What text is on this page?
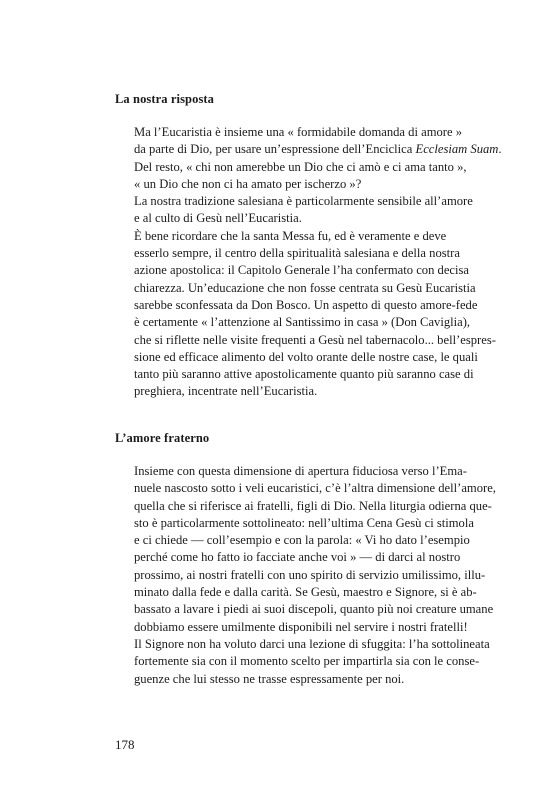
La nostra risposta

Ma l’Eucaristia è insieme una « formidabile domanda di amore »
da parte di Dio, per usare un’espressione dell’Enciclica Ecclesiam Suam.
Del resto, « chi non amerebbe un Dio che ci amò e ci ama tanto »,
« un Dio che non ci ha amato per ischerzo »?

La nostra tradizione salesiana è particolarmente sensibile all’amore
e al culto di Gesù nell’Eucaristia.

È bene ricordare che la santa Messa fu, ed è veramente e deve
esserlo sempre, il centro della spiritualità salesiana e della nostra
azione apostolica: il Capitolo Generale l’ha confermato con decisa
chiarezza. Un’educazione che non fosse centrata su Gesù Eucaristia
sarebbe sconfessata da Don Bosco. Un aspetto di questo amore-fede
è certamente « l’attenzione al Santissimo in casa » (Don Caviglia),
che si riflette nelle visite frequenti a Gesù nel tabernacolo... bell’espres-
sione ed efficace alimento del volto orante delle nostre case, le quali
tanto più saranno attive apostolicamente quanto più saranno case di
preghiera, incentrate nell’Eucaristia.

L’amore fraterno

Insieme con questa dimensione di apertura fiduciosa verso l’Ema-
nuele nascosto sotto i veli eucaristici, c’è l’altra dimensione dell’amore,
quella che si riferisce ai fratelli, figli di Dio. Nella liturgia odierna que-
sto è particolarmente sottolineato: nell’ultima Cena Gesù ci stimola
e ci chiede — coll’esempio e con la parola: « Vi ho dato l’esempio
perché come ho fatto io facciate anche voi » — di darci al nostro
prossimo, ai nostri fratelli con uno spirito di servizio umilissimo, illu-
minato dalla fede e dalla carità. Se Gesù, maestro e Signore, si è ab-
bassato a lavare i piedi ai suoi discepoli, quanto più noi creature umane
dobbiamo essere umilmente disponibili nel servire i nostri fratelli!
Il Signore non ha voluto darci una lezione di sfuggita: l’ha sottolineata
fortemente sia con il momento scelto per impartirla sia con le conse-
guenze che lui stesso ne trasse espressamente per noi.

178
